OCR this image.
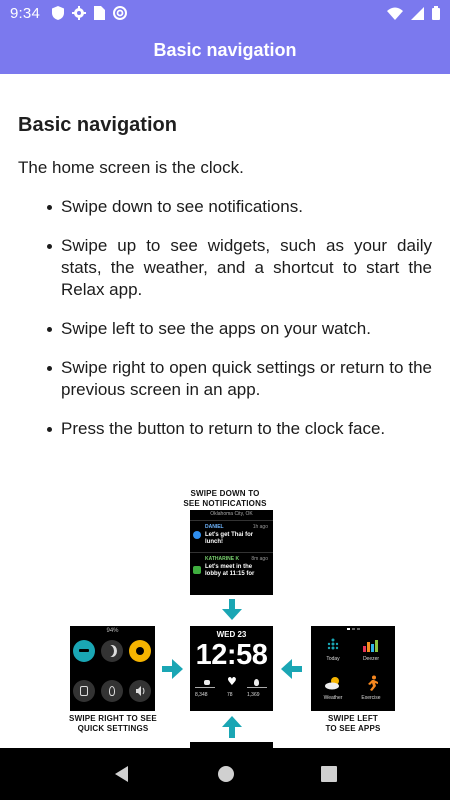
9:34
Basic navigation
Basic navigation

The home screen is the clock.

Swipe down to see notifications.
Swipe up to see widgets, such as your daily stats, the weather, and a shortcut to start the Relax app.
Swipe left to see the apps on your watch.
Swipe right to open quick settings or return to the previous screen in an app.
Press the button to return to the clock face.
SWIPE DOWN TO
SEE NOTIFICATIONS
Oklahoma City, OK
DANIEL	1h ago
Let's get Thai for lunch!
KATHARINE K 8m ago
Let's meet in the lobby at 11:15 for
94%	WED 23
12:58
♥
8,348	78	1,369
Today	Deezer
Weather	Exercise
SWIPE RIGHT TO SEE
QUICK SETTINGS
SWIPE LEFT
TO SEE APPS
